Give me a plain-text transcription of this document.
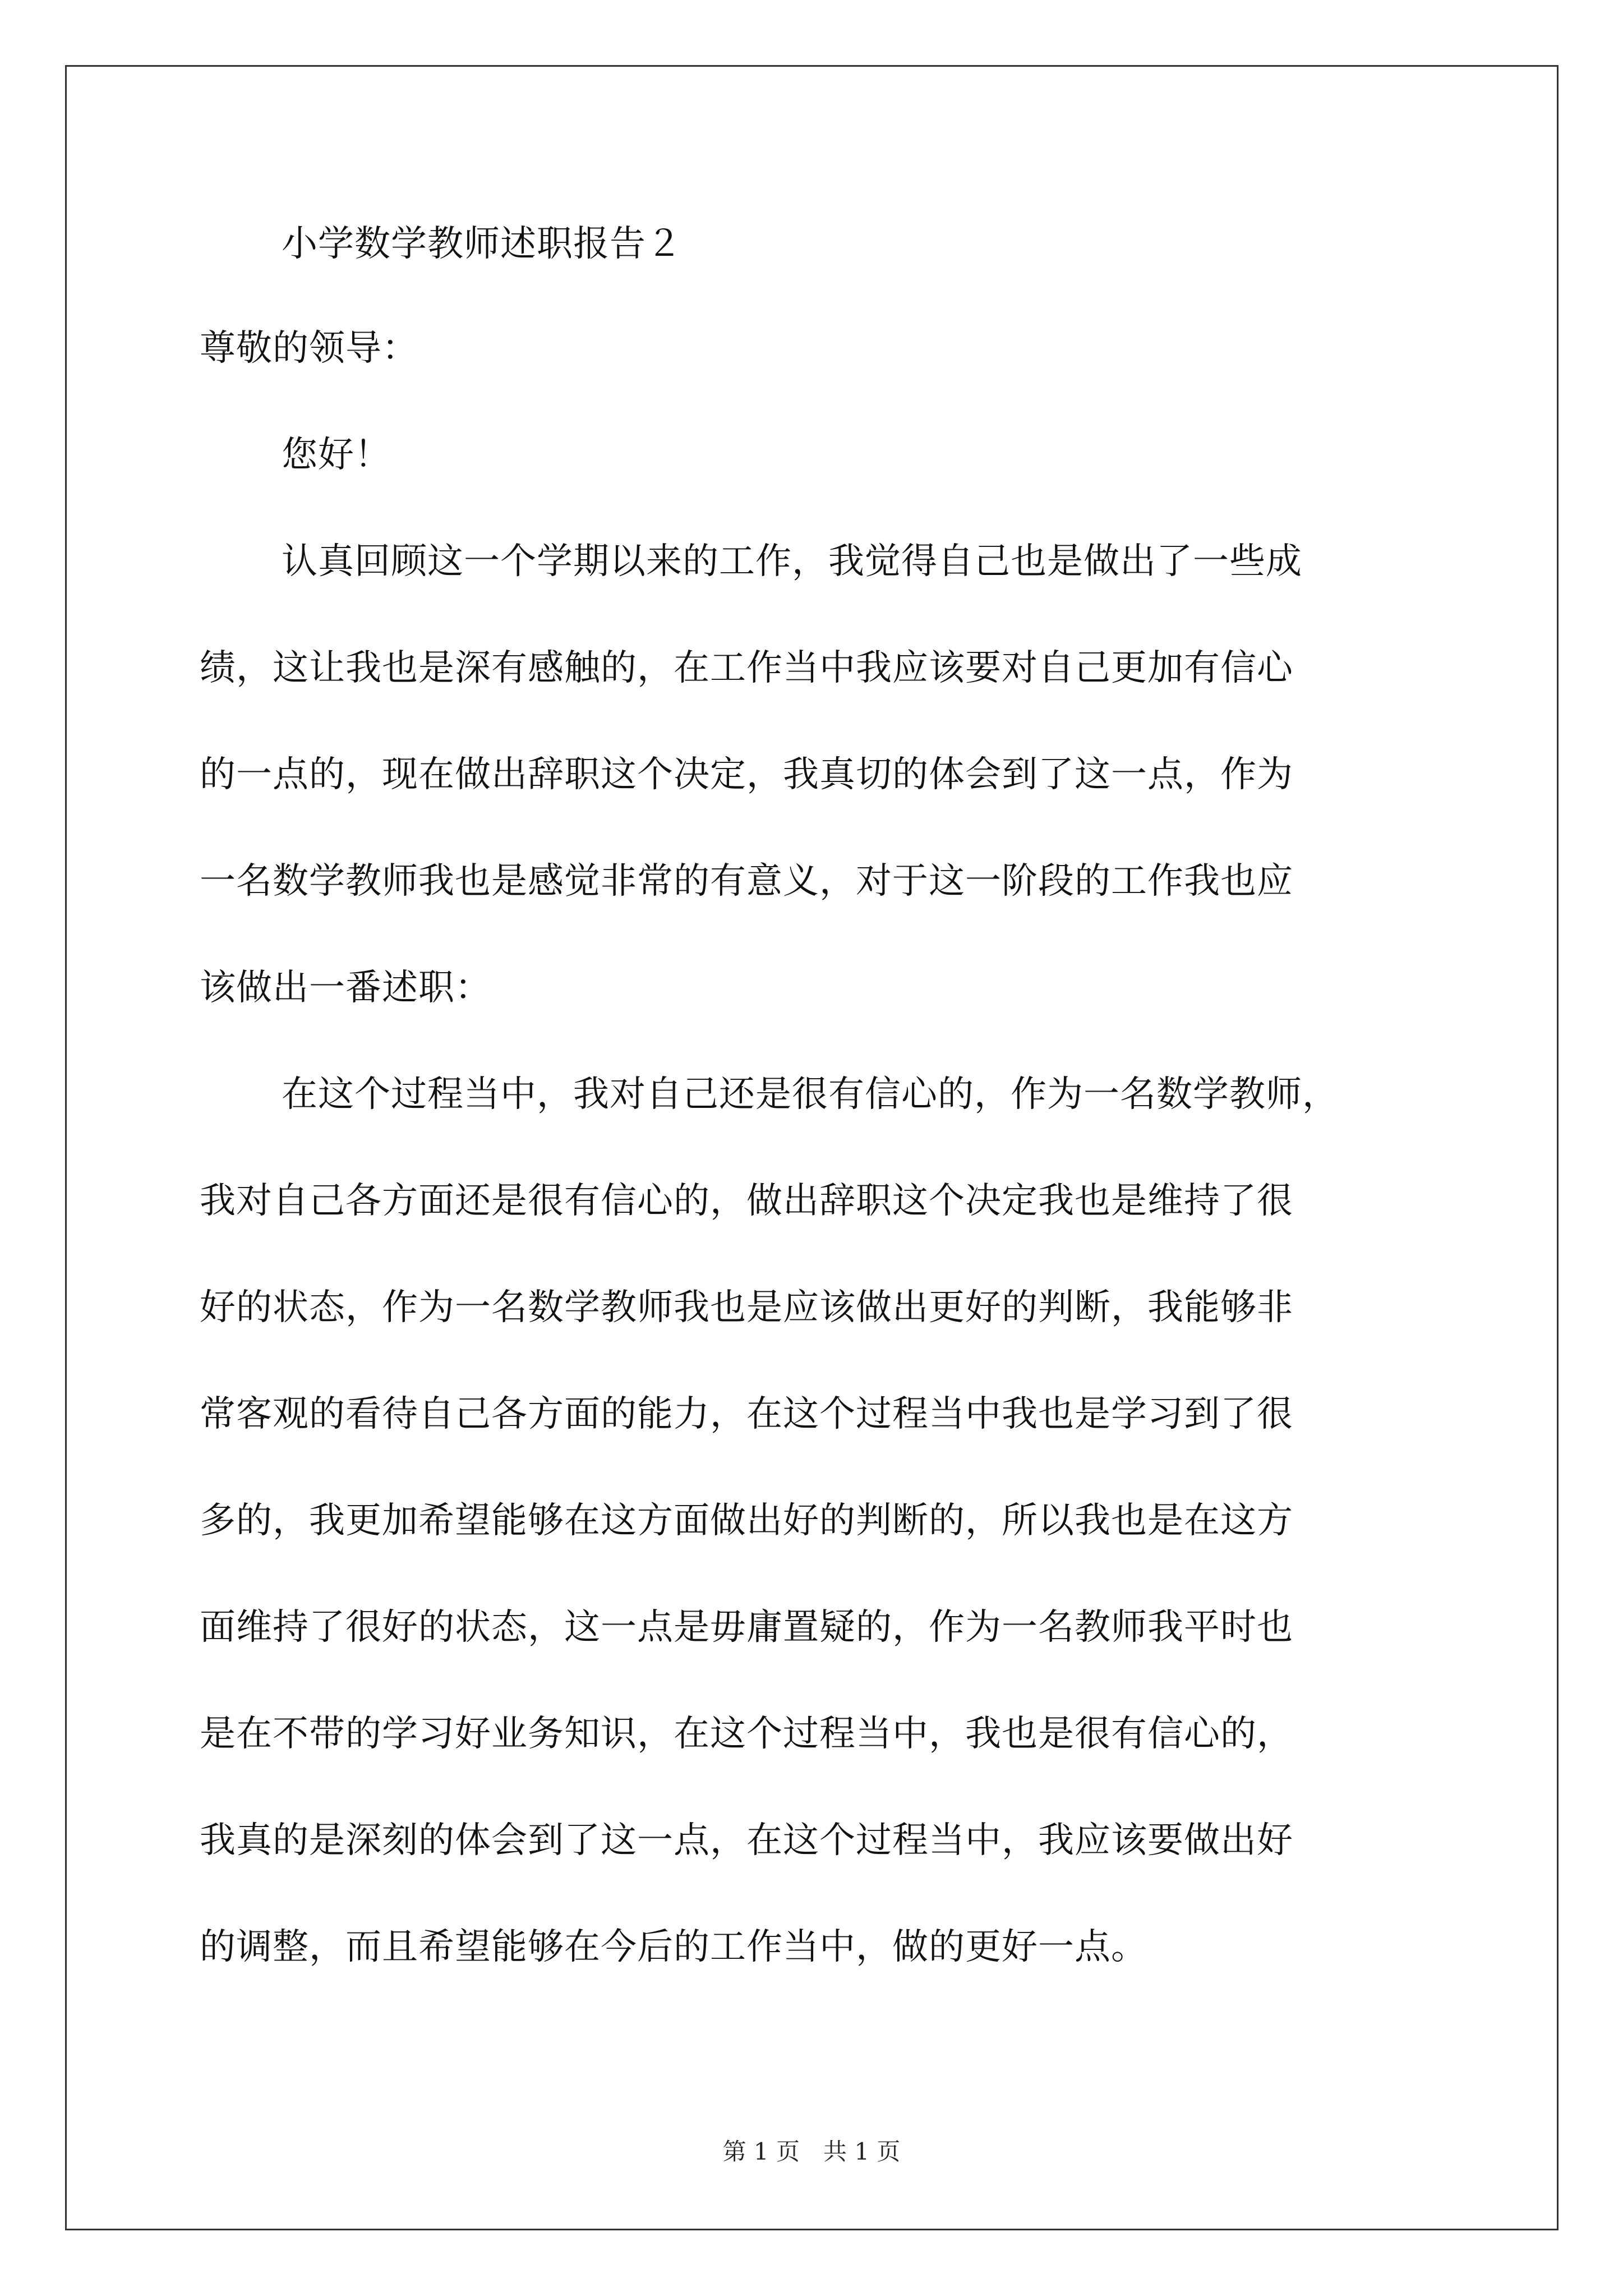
小学数学教师述职报告２
尊敬的领导：
您好！
认真回顾这一个学期以来的工作，我觉得自己也是做出了一些成
绩，这让我也是深有感触的，在工作当中我应该要对自己更加有信心
的一点的，现在做出辞职这个决定，我真切的体会到了这一点，作为
一名数学教师我也是感觉非常的有意义，对于这一阶段的工作我也应
该做出一番述职：
在这个过程当中，我对自己还是很有信心的，作为一名数学教师，
我对自己各方面还是很有信心的，做出辞职这个决定我也是维持了很
好的状态，作为一名数学教师我也是应该做出更好的判断，我能够非
常客观的看待自己各方面的能力，在这个过程当中我也是学习到了很
多的，我更加希望能够在这方面做出好的判断的，所以我也是在这方
面维持了很好的状态，这一点是毋庸置疑的，作为一名教师我平时也
是在不带的学习好业务知识，在这个过程当中，我也是很有信心的，
我真的是深刻的体会到了这一点，在这个过程当中，我应该要做出好
的调整，而且希望能够在今后的工作当中，做的更好一点。
第 1 页　共 1 页
